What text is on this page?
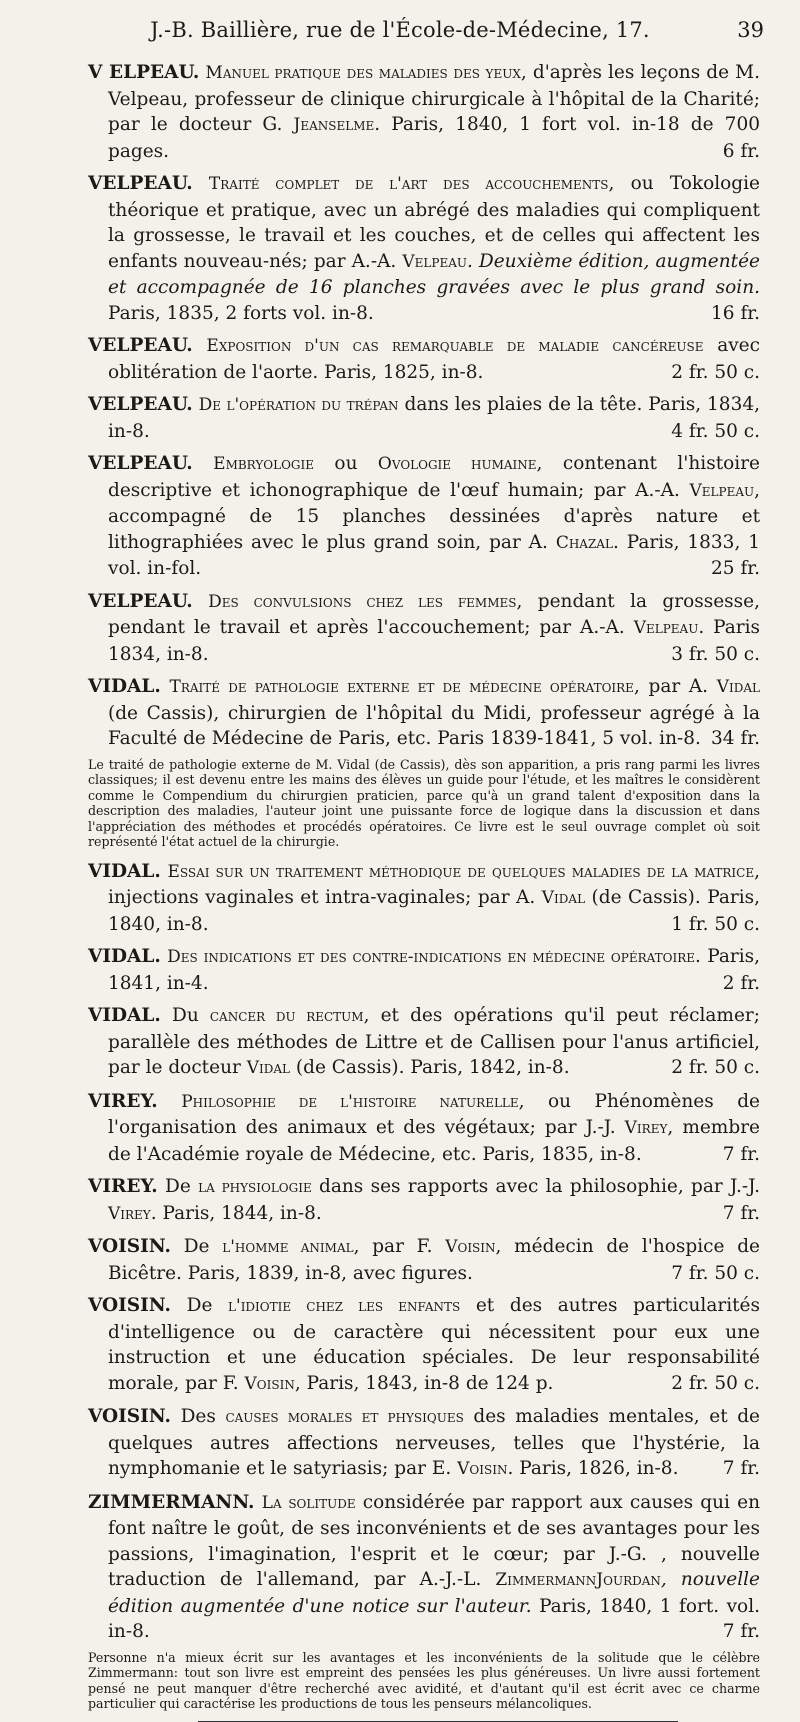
J.-B. Baillière, rue de l'École-de-Médecine, 17.	39
V ELPEAU. Manuel pratique des maladies des yeux, d'après les leçons de M. Velpeau, professeur de clinique chirurgicale à l'hôpital de la Charité; par le docteur G. Jeanselme. Paris, 1840, 1 fort vol. in-18 de 700 pages.	6 fr.
VELPEAU. Traité complet de l'art des accouchements, ou Tokologie théorique et pratique, avec un abrégé des maladies qui compliquent la grossesse, le travail et les couches, et de celles qui affectent les enfants nouveau-nés; par A.-A. Velpeau. Deuxième édition, augmentée et accompagnée de 16 planches gravées avec le plus grand soin. Paris, 1835, 2 forts vol. in-8.	16 fr.
VELPEAU. Exposition d'un cas remarquable de maladie cancéreuse avec oblitération de l'aorte. Paris, 1825, in-8.	2 fr. 50 c.
VELPEAU. De l'opération du trépan dans les plaies de la tête. Paris, 1834, in-8.	4 fr. 50 c.
VELPEAU. Embryologie ou Ovologie humaine, contenant l'histoire descriptive et ichonographique de l'œuf humain; par A.-A. Velpeau, accompagné de 15 planches dessinées d'après nature et lithographiées avec le plus grand soin, par A. Chazal. Paris, 1833, 1 vol. in-fol.	25 fr.
VELPEAU. Des convulsions chez les femmes, pendant la grossesse, pendant le travail et après l'accouchement; par A.-A. Velpeau. Paris 1834, in-8.	3 fr. 50 c.
VIDAL. Traité de pathologie externe et de médecine opératoire, par A. Vidal (de Cassis), chirurgien de l'hôpital du Midi, professeur agrégé à la Faculté de Médecine de Paris, etc. Paris 1839-1841, 5 vol. in-8. 34 fr.
Le traité de pathologie externe de M. Vidal (de Cassis), dès son apparition, a pris rang parmi les livres classiques; il est devenu entre les mains des élèves un guide pour l'étude, et les maîtres le considèrent comme le Compendium du chirurgien praticien, parce qu'à un grand talent d'exposition dans la description des maladies, l'auteur joint une puissante force de logique dans la discussion et dans l'appréciation des méthodes et procédés opératoires. Ce livre est le seul ouvrage complet où soit représenté l'état actuel de la chirurgie.
VIDAL. Essai sur un traitement méthodique de quelques maladies de la matrice, injections vaginales et intra-vaginales; par A. Vidal (de Cassis). Paris, 1840, in-8.	1 fr. 50 c.
VIDAL. Des indications et des contre-indications en médecine opératoire. Paris, 1841, in-4.	2 fr.
VIDAL. Du cancer du rectum, et des opérations qu'il peut réclamer; parallèle des méthodes de Littre et de Callisen pour l'anus artificiel, par le docteur Vidal (de Cassis). Paris, 1842, in-8.	2 fr. 50 c.
VIREY. Philosophie de l'histoire naturelle, ou Phénomènes de l'organisation des animaux et des végétaux; par J.-J. Virey, membre de l'Académie royale de Médecine, etc. Paris, 1835, in-8.	7 fr.
VIREY. De la physiologie dans ses rapports avec la philosophie, par J.-J. Virey. Paris, 1844, in-8.	7 fr.
VOISIN. De l'homme animal, par F. Voisin, médecin de l'hospice de Bicêtre. Paris, 1839, in-8, avec figures.	7 fr. 50 c.
VOISIN. De l'idiotie chez les enfants et des autres particularités d'intelligence ou de caractère qui nécessitent pour eux une instruction et une éducation spéciales. De leur responsabilité morale, par F. Voisin, Paris, 1843, in-8 de 124 p.	2 fr. 50 c.
VOISIN. Des causes morales et physiques des maladies mentales, et de quelques autres affections nerveuses, telles que l'hystérie, la nymphomanie et le satyriasis; par E. Voisin. Paris, 1826, in-8.	7 fr.
ZIMMERMANN. La solitude considérée par rapport aux causes qui en font naître le goût, de ses inconvénients et de ses avantages pour les passions, l'imagination, l'esprit et le cœur; par J.-G. , nouvelle traduction de l'allemand, par A.-J.-L. ZimmermannJourdan, nouvelle édition augmentée d'une notice sur l'auteur. Paris, 1840, 1 fort. vol. in-8.	7 fr.
Personne n'a mieux écrit sur les avantages et les inconvénients de la solitude que le célèbre Zimmermann: tout son livre est empreint des pensées les plus généreuses. Un livre aussi fortement pensé ne peut manquer d'être recherché avec avidité, et d'autant qu'il est écrit avec ce charme particulier qui caractérise les productions de tous les penseurs mélancoliques.
